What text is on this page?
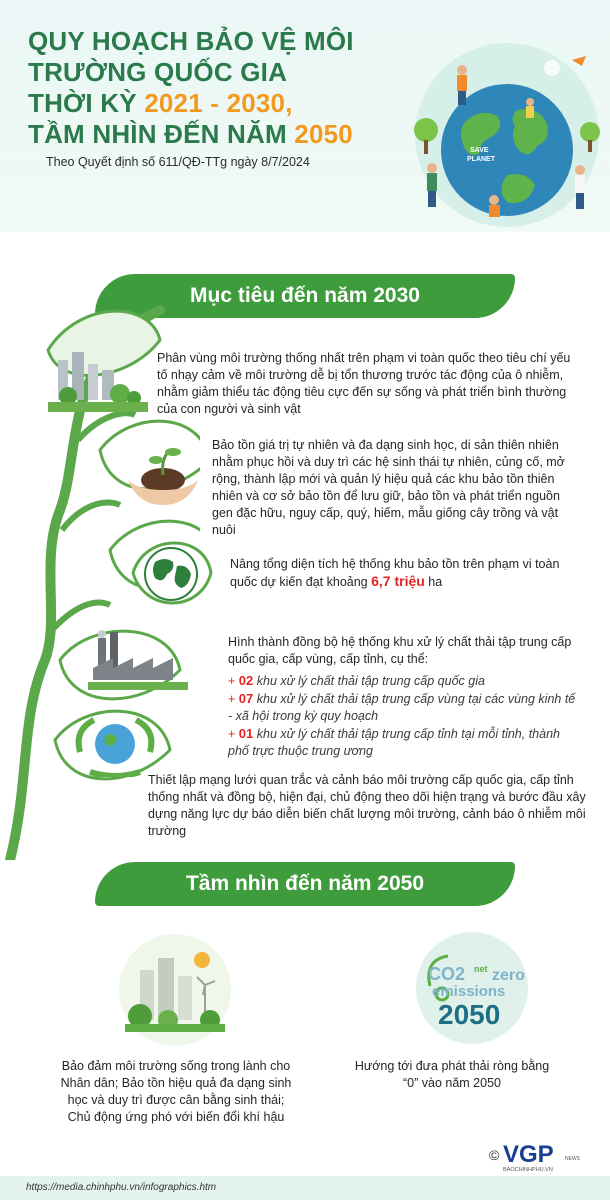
QUY HOẠCH BẢO VỆ MÔI
TRƯỜNG QUỐC GIA
THỜI KỲ 2021 - 2030,
TẦM NHÌN ĐẾN NĂM 2050
Theo Quyết định số 611/QĐ-TTg ngày 8/7/2024
SAVE
PLANET
Mục tiêu đến năm 2030
Phân vùng môi trường thống nhất trên phạm vi toàn quốc theo tiêu chí yếu tố nhạy cảm về môi trường dễ bị tổn thương trước tác động của ô nhiễm, nhằm giảm thiểu tác động tiêu cực đến sự sống và phát triển bình thường của con người và sinh vật
Bảo tồn giá trị tự nhiên và đa dạng sinh học, di sản thiên nhiên nhằm phục hồi và duy trì các hệ sinh thái tự nhiên, củng cố, mở rộng, thành lập mới và quản lý hiệu quả các khu bảo tồn thiên nhiên và cơ sở bảo tồn để lưu giữ, bảo tồn và phát triển nguồn gen đặc hữu, nguy cấp, quý, hiếm, mẫu giống cây trồng và vật nuôi
Nâng tổng diện tích hệ thống khu bảo tồn trên phạm vi toàn quốc dự kiến đạt khoảng 6,7 triệu ha
Hình thành đồng bộ hệ thống khu xử lý chất thải tập trung cấp quốc gia, cấp vùng, cấp tỉnh, cụ thể:
+ 02 khu xử lý chất thải tập trung cấp quốc gia
+ 07 khu xử lý chất thải tập trung cấp vùng tại các vùng kinh tế - xã hội trong kỳ quy hoạch
+ 01 khu xử lý chất thải tập trung cấp tỉnh tại mỗi tỉnh, thành phố trực thuộc trung ương
Thiết lập mạng lưới quan trắc và cảnh báo môi trường cấp quốc gia, cấp tỉnh thống nhất và đồng bộ, hiện đại, chủ động theo dõi hiện trạng và bước đầu xây dựng năng lực dự báo diễn biến chất lượng môi trường, cảnh báo ô nhiễm môi trường
Tầm nhìn đến năm 2050
CO2 net zero
emissions
2050
Bảo đảm môi trường sống trong lành cho Nhân dân; Bảo tồn hiệu quả đa dạng sinh học và duy trì được cân bằng sinh thái; Chủ động ứng phó với biến đổi khí hậu
Hướng tới đưa phát thải ròng bằng “0” vào năm 2050
© VGP NEWS
BAOCHINHPHU.VN
https://media.chinhphu.vn/infographics.htm
